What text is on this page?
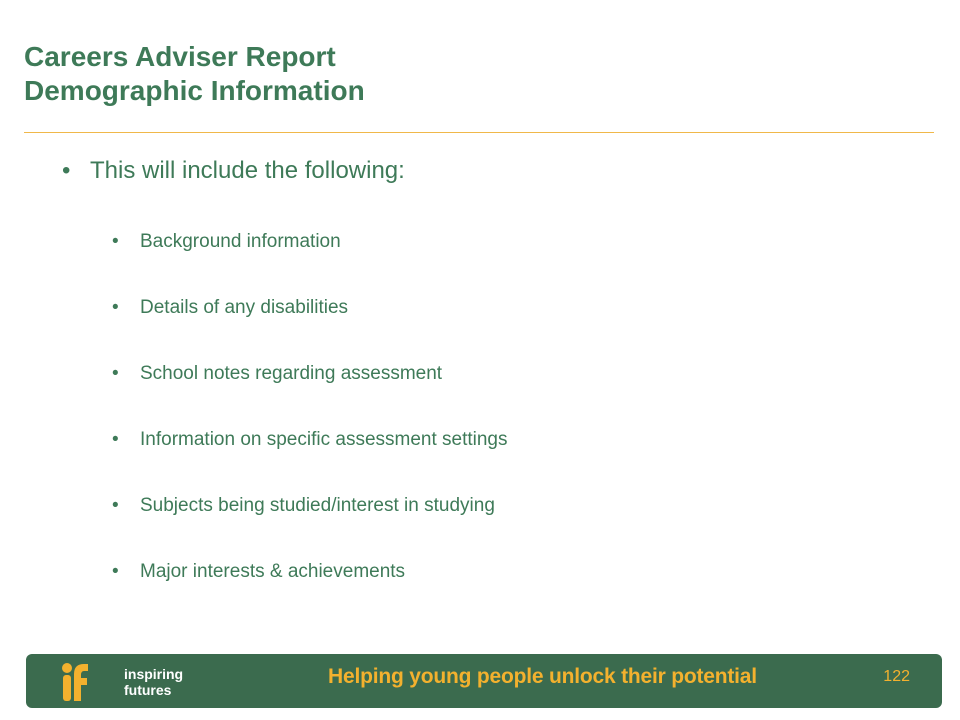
Careers Adviser Report
Demographic Information
• This will include the following:
• Background information
• Details of any disabilities
• School notes regarding assessment
• Information on specific assessment settings
• Subjects being studied/interest in studying
• Major interests & achievements
inspiring
futures
Helping young people unlock their potential	122
